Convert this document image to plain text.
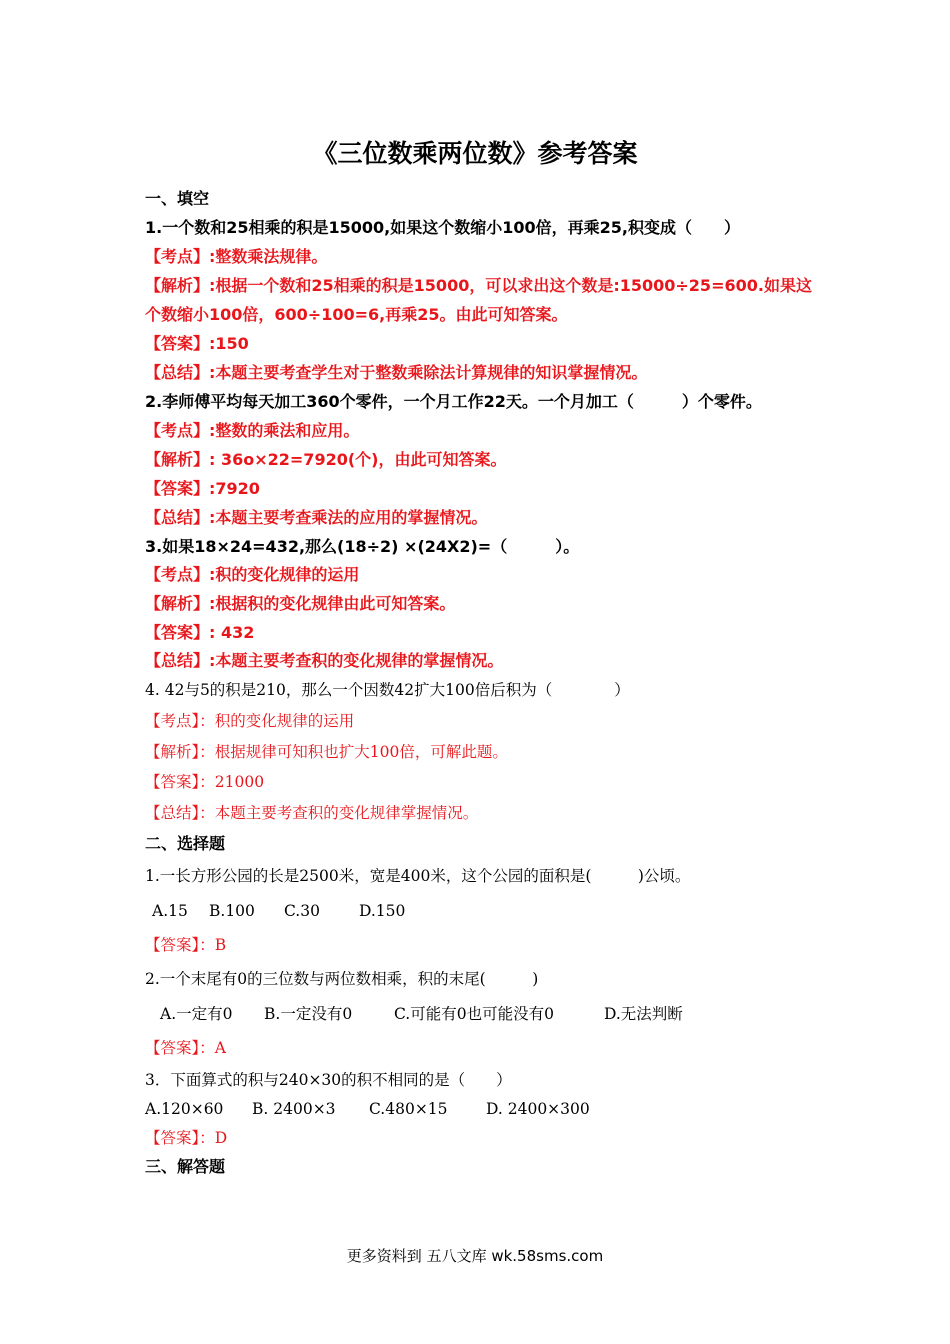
《三位数乘两位数》参考答案
一、填空
1.一个数和25相乘的积是15000,如果这个数缩小100倍，再乘25,积变成（　　）
【考点】:整数乘法规律。
【解析】:根据一个数和25相乘的积是15000，可以求出这个数是:15000÷25=600.如果这
个数缩小100倍，600÷100=6,再乘25。由此可知答案。
【答案】:150
【总结】:本题主要考查学生对于整数乘除法计算规律的知识掌握情况。
2.李师傅平均每天加工360个零件，一个月工作22天。一个月加工（　　　）个零件。
【考点】:整数的乘法和应用。
【解析】: 36o×22=7920(个)，由此可知答案。
【答案】:7920
【总结】:本题主要考查乘法的应用的掌握情况。
3.如果18×24=432,那么(18÷2) ×(24X2)=（　　　）。
【考点】:积的变化规律的运用
【解析】:根据积的变化规律由此可知答案。
【答案】: 432
【总结】:本题主要考查积的变化规律的掌握情况。
4. 42与5的积是210，那么一个因数42扩大100倍后积为（　　　　）
【考点】：积的变化规律的运用
【解析】：根据规律可知积也扩大100倍，可解此题。
【答案】：21000
【总结】：本题主要考查积的变化规律掌握情况。
二、选择题
1.一长方形公园的长是2500米，宽是400米，这个公园的面积是(　　　)公顷。
A.15 B.100 C.30	D.150
【答案】：B
2.一个末尾有0的三位数与两位数相乘，积的末尾(　　　)
A.一定有0 B.一定没有0	C.可能有0也可能没有0	D.无法判断
【答案】：A
3．下面算式的积与240×30的积不相同的是（　　）
A.120×60 B. 2400×3 C.480×15 D. 2400×300
【答案】：D
三、解答题
更多资料到 五八文库 wk.58sms.com
